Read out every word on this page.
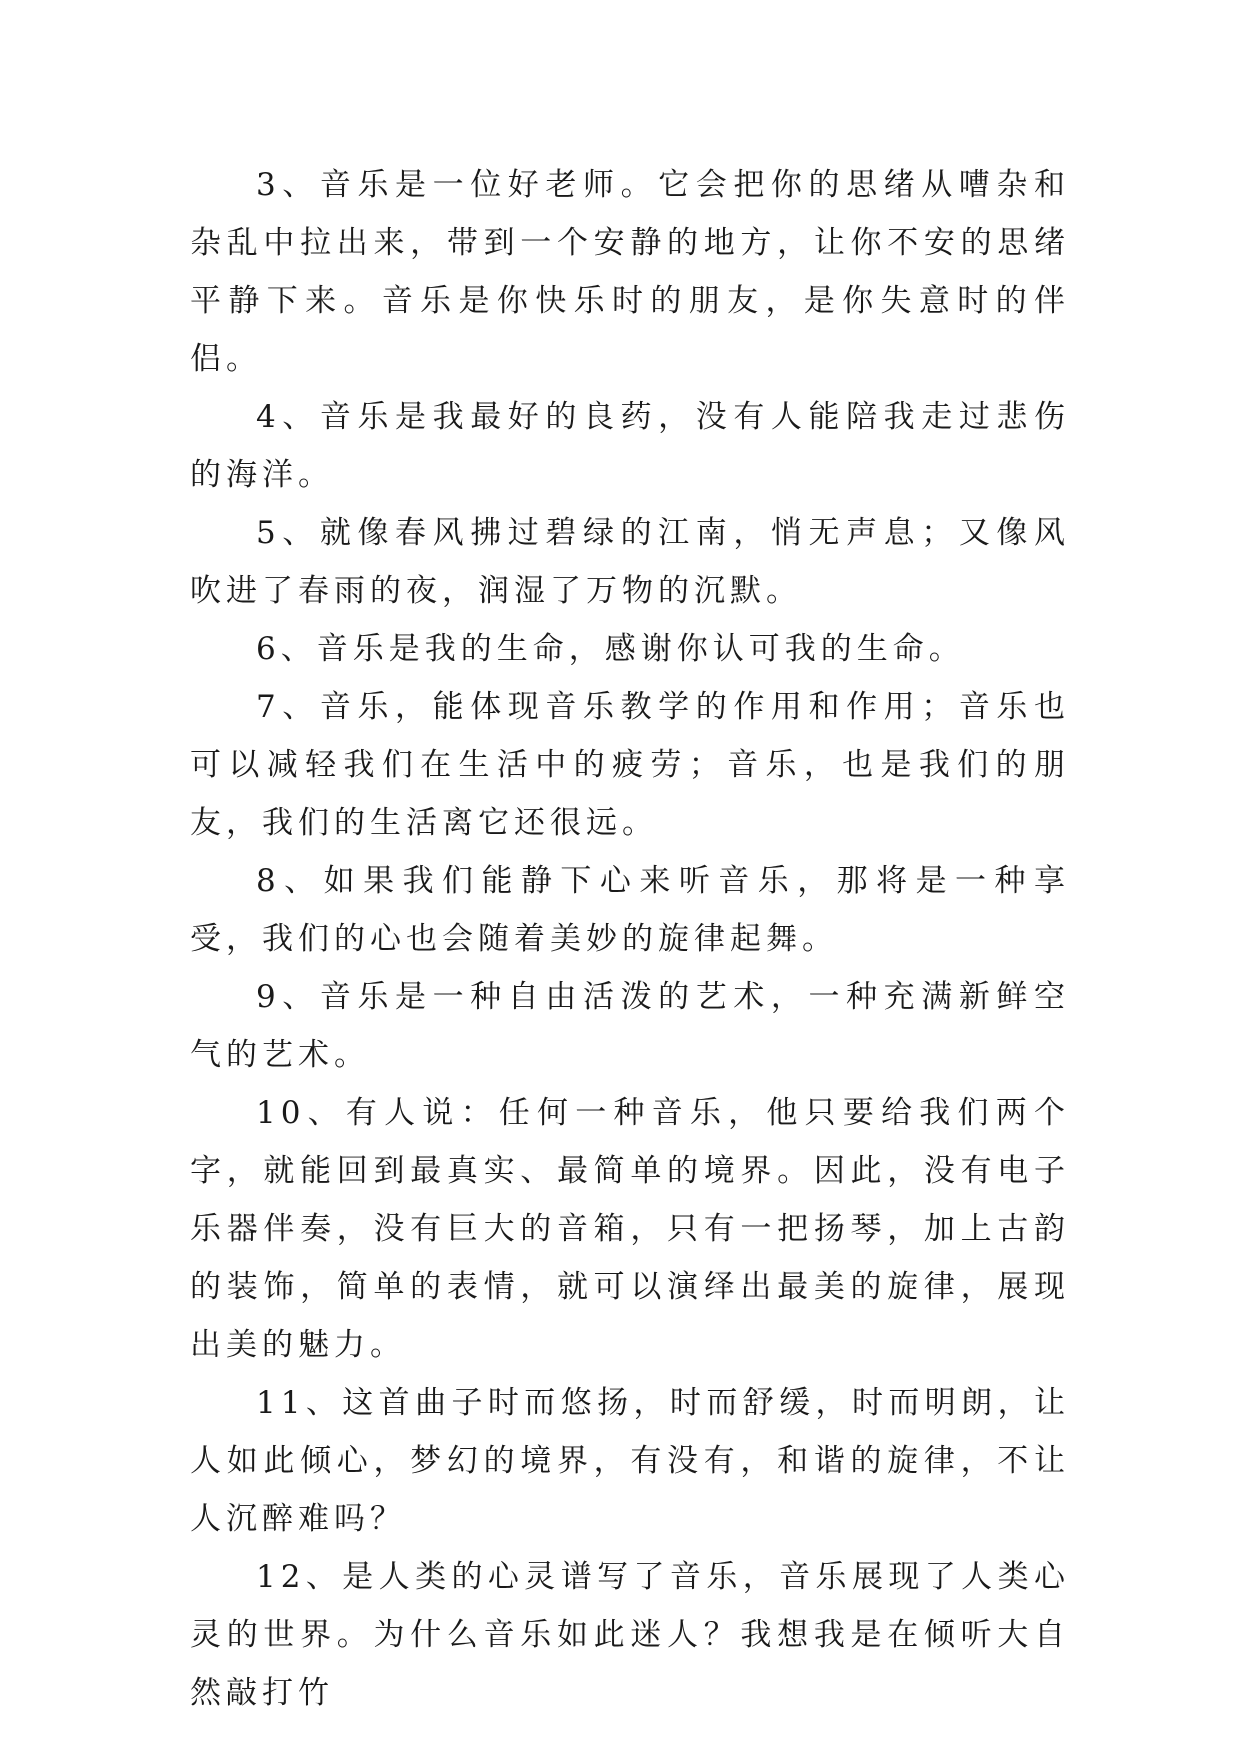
3、音乐是一位好老师。它会把你的思绪从嘈杂和杂乱中拉出来，带到一个安静的地方，让你不安的思绪平静下来。音乐是你快乐时的朋友，是你失意时的伴侣。

4、音乐是我最好的良药，没有人能陪我走过悲伤的海洋。

5、就像春风拂过碧绿的江南，悄无声息；又像风吹进了春雨的夜，润湿了万物的沉默。

6、音乐是我的生命，感谢你认可我的生命。

7、音乐，能体现音乐教学的作用和作用；音乐也可以减轻我们在生活中的疲劳；音乐，也是我们的朋友，我们的生活离它还很远。

8、如果我们能静下心来听音乐，那将是一种享受，我们的心也会随着美妙的旋律起舞。

9、音乐是一种自由活泼的艺术，一种充满新鲜空气的艺术。

10、有人说：任何一种音乐，他只要给我们两个字，就能回到最真实、最简单的境界。因此，没有电子乐器伴奏，没有巨大的音箱，只有一把扬琴，加上古韵的装饰，简单的表情，就可以演绎出最美的旋律，展现出美的魅力。

11、这首曲子时而悠扬，时而舒缓，时而明朗，让人如此倾心，梦幻的境界，有没有，和谐的旋律，不让人沉醉难吗？

12、是人类的心灵谱写了音乐，音乐展现了人类心灵的世界。为什么音乐如此迷人？我想我是在倾听大自然敲打竹
